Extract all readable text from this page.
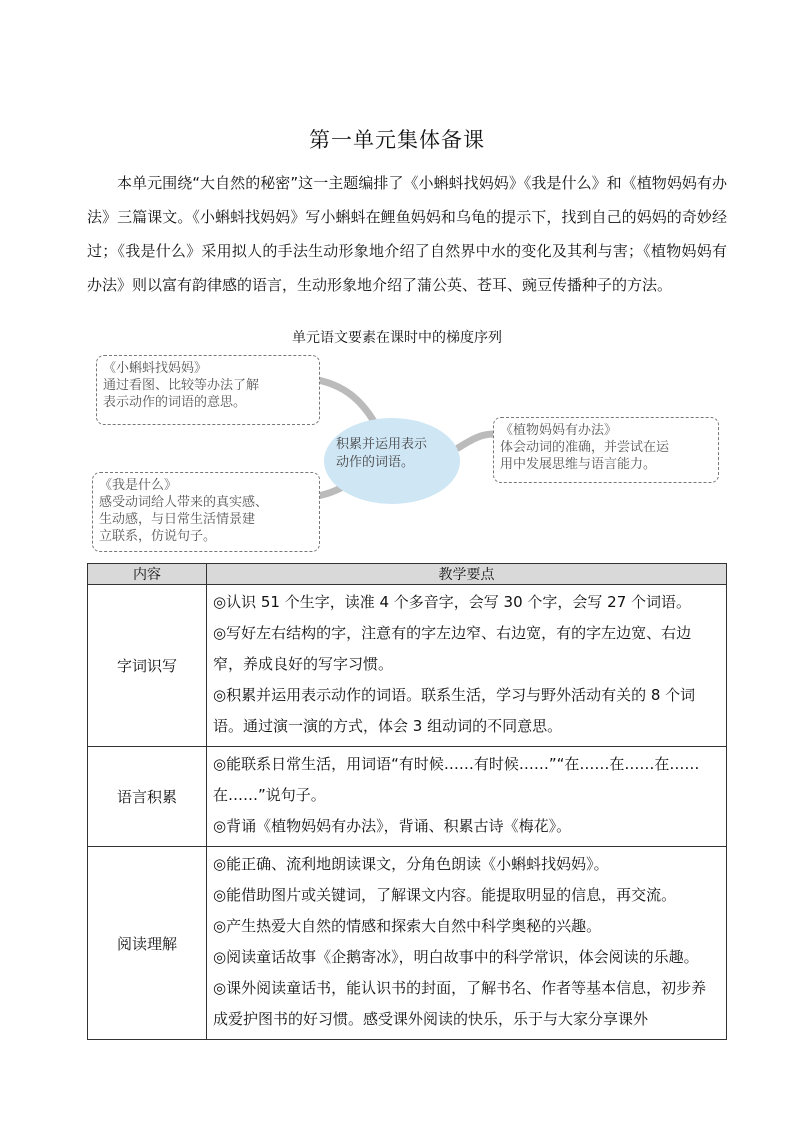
第一单元集体备课
本单元围绕“大自然的秘密”这一主题编排了《小蝌蚪找妈妈》《我是什么》和《植物妈妈有办法》三篇课文。《小蝌蚪找妈妈》写小蝌蚪在鲤鱼妈妈和乌龟的提示下，找到自己的妈妈的奇妙经过；《我是什么》采用拟人的手法生动形象地介绍了自然界中水的变化及其利与害；《植物妈妈有办法》则以富有韵律感的语言，生动形象地介绍了蒲公英、苍耳、豌豆传播种子的方法。
单元语文要素在课时中的梯度序列
积累并运用表示
动作的词语。
《小蝌蚪找妈妈》
通过看图、比较等办法了解
表示动作的词语的意思。
《植物妈妈有办法》
体会动词的准确，并尝试在运
用中发展思维与语言能力。
《我是什么》
感受动词给人带来的真实感、
生动感，与日常生活情景建
立联系，仿说句子。
内容	教学要点
字词识写	◎认识 51 个生字，读准 4 个多音字，会写 30 个字，会写 27 个词语。

◎写好左右结构的字，注意有的字左边窄、右边宽，有的字左边宽、右边窄，养成良好的写字习惯。

◎积累并运用表示动作的词语。联系生活，学习与野外活动有关的 8 个词语。通过演一演的方式，体会 3 组动词的不同意思。

语言积累	◎能联系日常生活，用词语“有时候……有时候……”“在……在……在……在……”说句子。

◎背诵《植物妈妈有办法》，背诵、积累古诗《梅花》。

阅读理解	◎能正确、流利地朗读课文，分角色朗读《小蝌蚪找妈妈》。

◎能借助图片或关键词，了解课文内容。能提取明显的信息，再交流。

◎产生热爱大自然的情感和探索大自然中科学奥秘的兴趣。

◎阅读童话故事《企鹅寄冰》，明白故事中的科学常识，体会阅读的乐趣。

◎课外阅读童话书，能认识书的封面，了解书名、作者等基本信息，初步养成爱护图书的好习惯。感受课外阅读的快乐，乐于与大家分享课外
